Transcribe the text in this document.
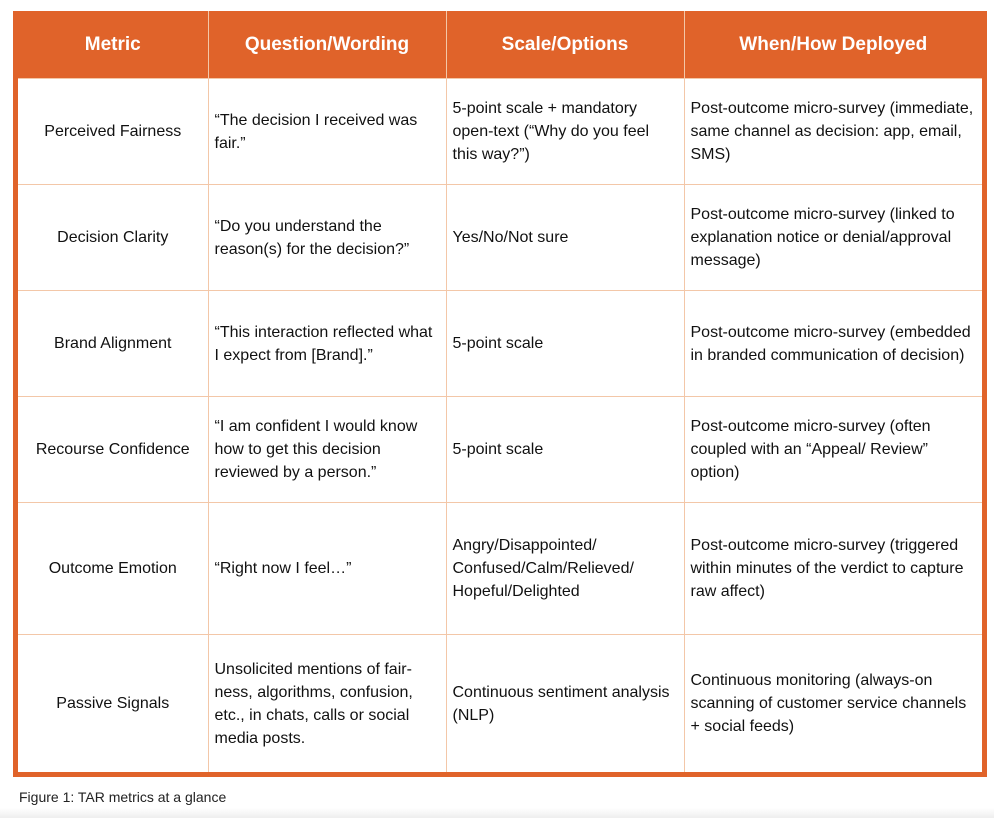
Metric	Question/Wording	Scale/Options	When/How Deployed
Perceived Fairness	“The decision I received was fair.”	5-point scale + mandatory open-text (“Why do you feel this way?”)	Post-outcome micro-survey (immediate, same channel as decision: app, email, SMS)
Decision Clarity	“Do you understand the reason(s) for the decision?”	Yes/No/Not sure	Post-outcome micro-survey (linked to explanation notice or denial/approval message)
Brand Alignment	“This interaction reflected what I expect from [Brand].”	5-point scale	Post-outcome micro-survey (embedded in branded communication of decision)
Recourse Confidence	“I am confident I would know how to get this decision reviewed by a person.”	5-point scale	Post-outcome micro-survey (often coupled with an “Appeal/ Review” option)
Outcome Emotion	“Right now I feel…”	Angry/Disappointed/ Confused/Calm/Relieved/ Hopeful/Delighted	Post-outcome micro-survey (triggered within minutes of the verdict to capture raw affect)
Passive Signals	Unsolicited mentions of fair-ness, algorithms, confusion, etc., in chats, calls or social media posts.	Continuous sentiment analysis (NLP)	Continuous monitoring (always-on scanning of customer service channels + social feeds)
Figure 1: TAR metrics at a glance
